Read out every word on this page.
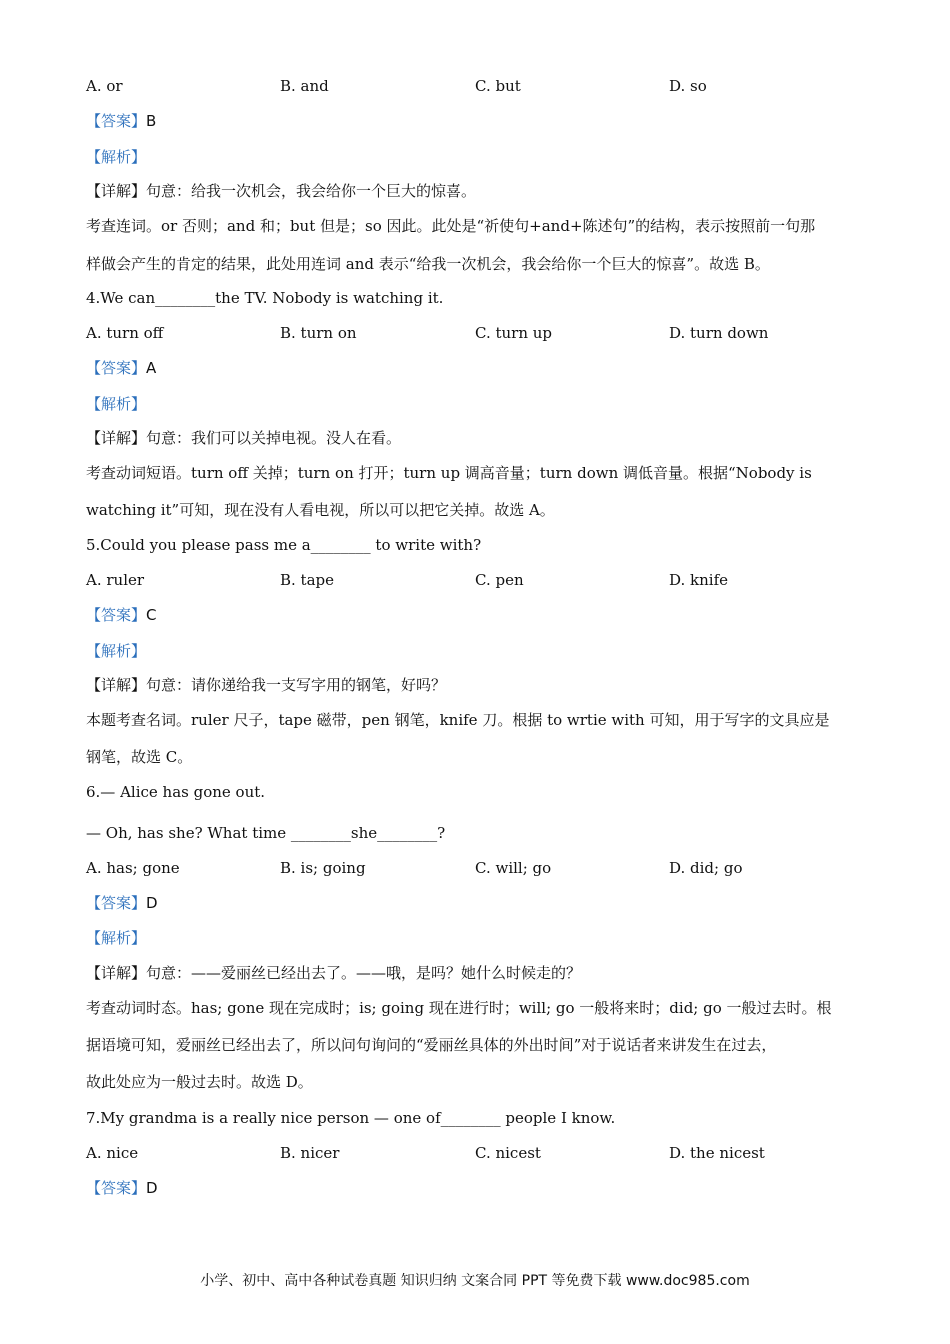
A. or	B. and	C. but	D. so
【答案】B
【解析】
【详解】句意：给我一次机会，我会给你一个巨大的惊喜。
考查连词。or 否则；and 和；but 但是；so 因此。此处是“祈使句+and+陈述句”的结构，表示按照前一句那
样做会产生的肯定的结果，此处用连词 and 表示“给我一次机会，我会给你一个巨大的惊喜”。故选 B。
4.We can________the TV. Nobody is watching it.
A. turn off	B. turn on	C. turn up	D. turn down
【答案】A
【解析】
【详解】句意：我们可以关掉电视。没人在看。
考查动词短语。turn off 关掉；turn on 打开；turn up 调高音量；turn down 调低音量。根据“Nobody is
watching it”可知，现在没有人看电视，所以可以把它关掉。故选 A。
5.Could you please pass me a________ to write with?
A. ruler	B. tape	C. pen	D. knife
【答案】C
【解析】
【详解】句意：请你递给我一支写字用的钢笔，好吗？
本题考查名词。ruler 尺子，tape 磁带，pen 钢笔，knife 刀。根据 to wrtie with 可知，用于写字的文具应是
钢笔，故选 C。
6.— Alice has gone out.
— Oh, has she? What time ________she________?
A. has; gone	B. is; going	C. will; go	D. did; go
【答案】D
【解析】
【详解】句意：——爱丽丝已经出去了。——哦，是吗？她什么时候走的？
考查动词时态。has; gone 现在完成时；is; going 现在进行时；will; go 一般将来时；did; go 一般过去时。根
据语境可知，爱丽丝已经出去了，所以问句询问的“爱丽丝具体的外出时间”对于说话者来讲发生在过去，
故此处应为一般过去时。故选 D。
7.My grandma is a really nice person — one of________ people I know.
A. nice	B. nicer	C. nicest	D. the nicest
【答案】D
小学、初中、高中各种试卷真题 知识归纳 文案合同 PPT 等免费下载 www.doc985.com
